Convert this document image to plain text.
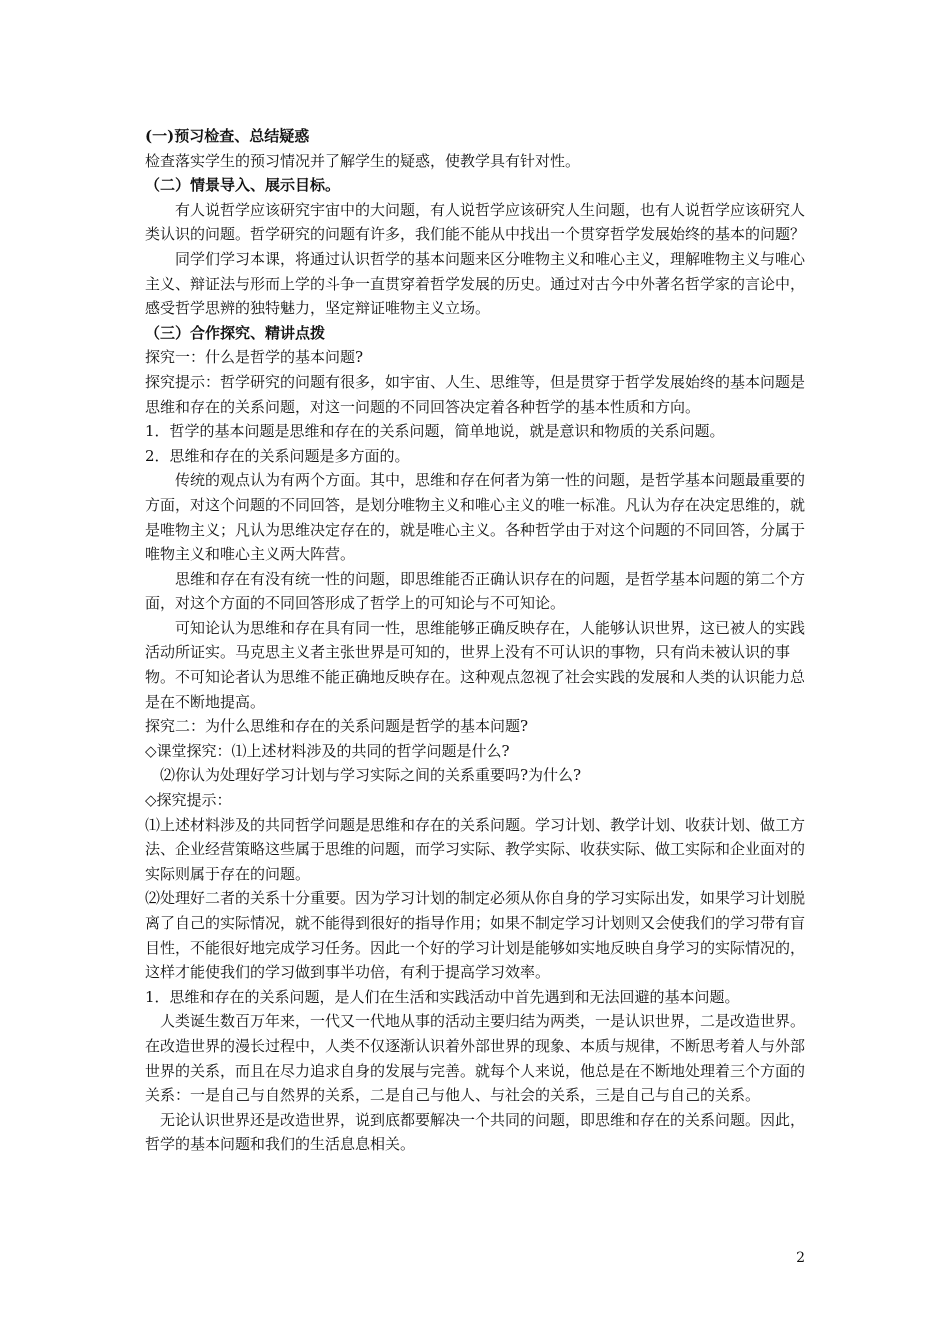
(一)预习检查、总结疑惑

检查落实学生的预习情况并了解学生的疑惑，使教学具有针对性。

（二）情景导入、展示目标。

有人说哲学应该研究宇宙中的大问题，有人说哲学应该研究人生问题，也有人说哲学应该研究人类认识的问题。哲学研究的问题有许多，我们能不能从中找出一个贯穿哲学发展始终的基本的问题？

同学们学习本课，将通过认识哲学的基本问题来区分唯物主义和唯心主义，理解唯物主义与唯心主义、辩证法与形而上学的斗争一直贯穿着哲学发展的历史。通过对古今中外著名哲学家的言论中，感受哲学思辨的独特魅力，坚定辩证唯物主义立场。

（三）合作探究、精讲点拨

探究一：什么是哲学的基本问题?

探究提示：哲学研究的问题有很多，如宇宙、人生、思维等，但是贯穿于哲学发展始终的基本问题是思维和存在的关系问题，对这一问题的不同回答决定着各种哲学的基本性质和方向。

1．哲学的基本问题是思维和存在的关系问题，简单地说，就是意识和物质的关系问题。

2．思维和存在的关系问题是多方面的。

传统的观点认为有两个方面。其中，思维和存在何者为第一性的问题，是哲学基本问题最重要的方面，对这个问题的不同回答，是划分唯物主义和唯心主义的唯一标准。凡认为存在决定思维的，就是唯物主义；凡认为思维决定存在的，就是唯心主义。各种哲学由于对这个问题的不同回答，分属于唯物主义和唯心主义两大阵营。

思维和存在有没有统一性的问题，即思维能否正确认识存在的问题，是哲学基本问题的第二个方面，对这个方面的不同回答形成了哲学上的可知论与不可知论。

可知论认为思维和存在具有同一性，思维能够正确反映存在，人能够认识世界，这已被人的实践活动所证实。马克思主义者主张世界是可知的，世界上没有不可认识的事物，只有尚未被认识的事物。不可知论者认为思维不能正确地反映存在。这种观点忽视了社会实践的发展和人类的认识能力总是在不断地提高。

探究二：为什么思维和存在的关系问题是哲学的基本问题?

◇课堂探究：⑴上述材料涉及的共同的哲学问题是什么?

⑵你认为处理好学习计划与学习实际之间的关系重要吗?为什么?

◇探究提示：

⑴上述材料涉及的共同哲学问题是思维和存在的关系问题。学习计划、教学计划、收获计划、做工方法、企业经营策略这些属于思维的问题，而学习实际、教学实际、收获实际、做工实际和企业面对的实际则属于存在的问题。

⑵处理好二者的关系十分重要。因为学习计划的制定必须从你自身的学习实际出发，如果学习计划脱离了自己的实际情况，就不能得到很好的指导作用；如果不制定学习计划则又会使我们的学习带有盲目性，不能很好地完成学习任务。因此一个好的学习计划是能够如实地反映自身学习的实际情况的，这样才能使我们的学习做到事半功倍，有利于提高学习效率。

1．思维和存在的关系问题，是人们在生活和实践活动中首先遇到和无法回避的基本问题。

人类诞生数百万年来，一代又一代地从事的活动主要归结为两类，一是认识世界，二是改造世界。在改造世界的漫长过程中，人类不仅逐渐认识着外部世界的现象、本质与规律，不断思考着人与外部世界的关系，而且在尽力追求自身的发展与完善。就每个人来说，他总是在不断地处理着三个方面的关系：一是自己与自然界的关系，二是自己与他人、与社会的关系，三是自己与自己的关系。

无论认识世界还是改造世界，说到底都要解决一个共同的问题，即思维和存在的关系问题。因此，哲学的基本问题和我们的生活息息相关。

2
